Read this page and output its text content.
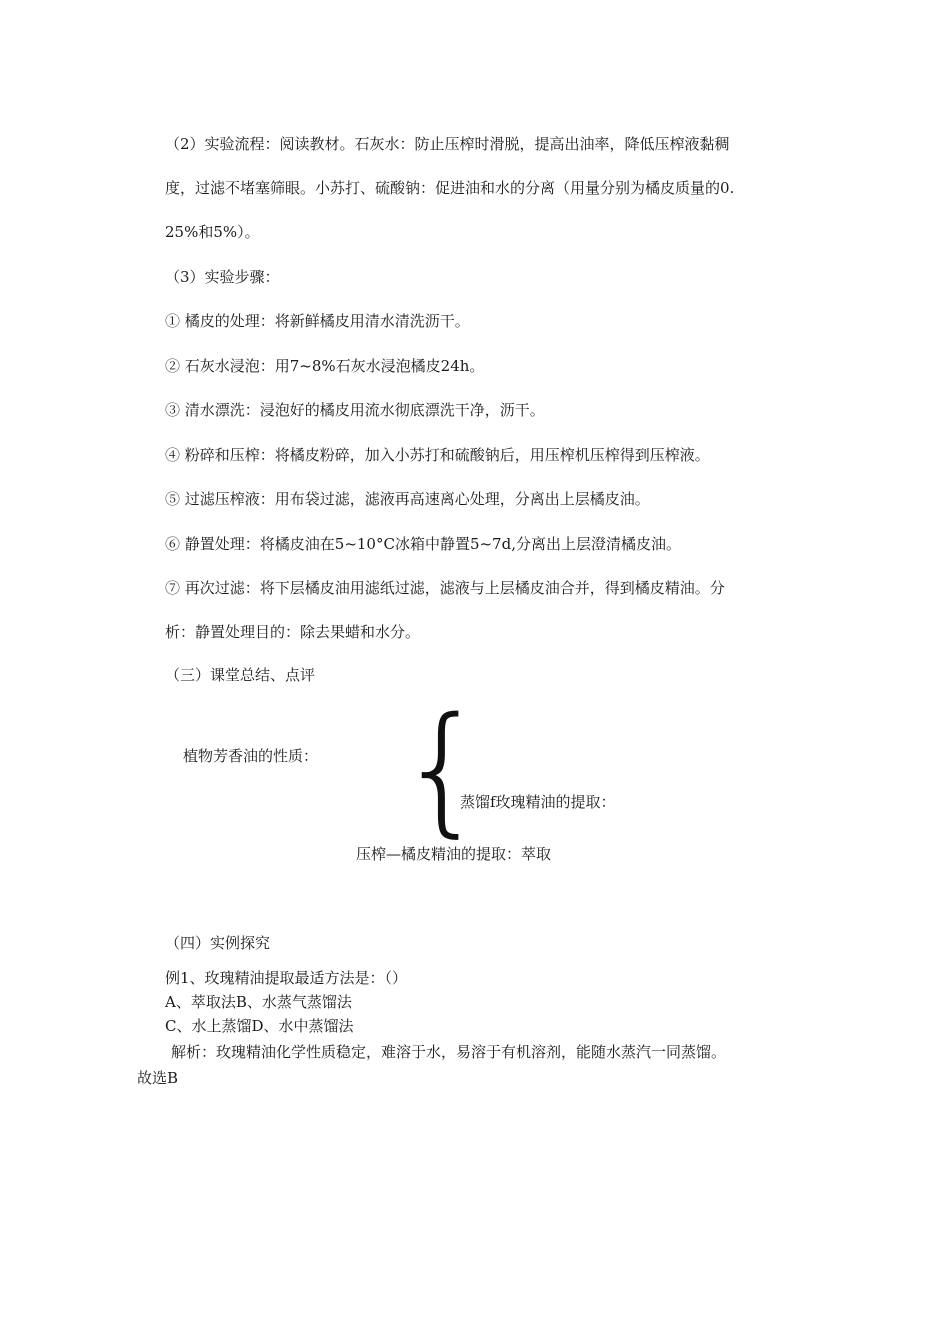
（2）实验流程：阅读教材。石灰水：防止压榨时滑脱，提高出油率，降低压榨液黏稠
度，过滤不堵塞筛眼。小苏打、硫酸钠：促进油和水的分离（用量分别为橘皮质量的0.
25%和5%）。
（3）实验步骤：
① 橘皮的处理：将新鲜橘皮用清水清洗沥干。
② 石灰水浸泡：用7~8%石灰水浸泡橘皮24h。
③ 清水漂洗：浸泡好的橘皮用流水彻底漂洗干净，沥干。
④ 粉碎和压榨：将橘皮粉碎，加入小苏打和硫酸钠后，用压榨机压榨得到压榨液。
⑤ 过滤压榨液：用布袋过滤，滤液再高速离心处理，分离出上层橘皮油。
⑥ 静置处理：将橘皮油在5~10°C冰箱中静置5~7d,分离出上层澄清橘皮油。
⑦ 再次过滤：将下层橘皮油用滤纸过滤，滤液与上层橘皮油合并，得到橘皮精油。分
析：静置处理目的：除去果蜡和水分。
（三）课堂总结、点评
植物芳香油的性质： {
蒸馏f玫瑰精油的提取：
压榨—橘皮精油的提取：萃取
（四）实例探究
例1、玫瑰精油提取最适方法是：（）
A、萃取法B、水蒸气蒸馏法
C、水上蒸馏D、水中蒸馏法
解析：玫瑰精油化学性质稳定，难溶于水，易溶于有机溶剂，能随水蒸汽一同蒸馏。
故选B
